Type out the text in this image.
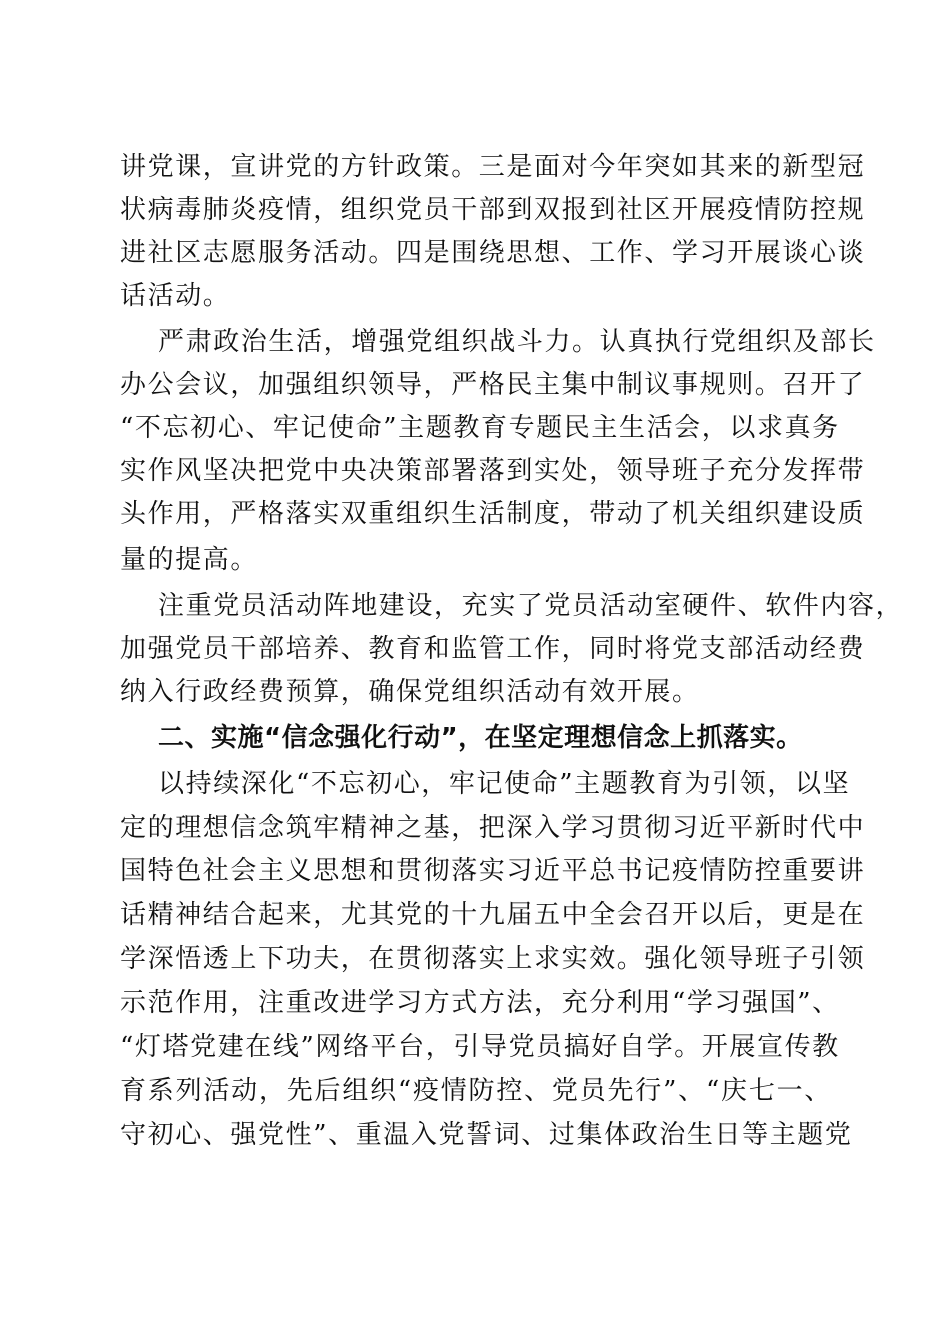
讲党课，宣讲党的方针政策。三是面对今年突如其来的新型冠
状病毒肺炎疫情，组织党员干部到双报到社区开展疫情防控规
进社区志愿服务活动。四是围绕思想、工作、学习开展谈心谈
话活动。
严肃政治生活，增强党组织战斗力。认真执行党组织及部长
办公会议，加强组织领导，严格民主集中制议事规则。召开了
“不忘初心、牢记使命”主题教育专题民主生活会，以求真务
实作风坚决把党中央决策部署落到实处，领导班子充分发挥带
头作用，严格落实双重组织生活制度，带动了机关组织建设质
量的提高。
注重党员活动阵地建设，充实了党员活动室硬件、软件内容，
加强党员干部培养、教育和监管工作，同时将党支部活动经费
纳入行政经费预算，确保党组织活动有效开展。
二、实施“信念强化行动”，在坚定理想信念上抓落实。
以持续深化“不忘初心，牢记使命”主题教育为引领，以坚
定的理想信念筑牢精神之基，把深入学习贯彻习近平新时代中
国特色社会主义思想和贯彻落实习近平总书记疫情防控重要讲
话精神结合起来，尤其党的十九届五中全会召开以后，更是在
学深悟透上下功夫，在贯彻落实上求实效。强化领导班子引领
示范作用，注重改进学习方式方法，充分利用“学习强国”、
“灯塔党建在线”网络平台，引导党员搞好自学。开展宣传教
育系列活动，先后组织“疫情防控、党员先行”、“庆七一、
守初心、强党性”、重温入党誓词、过集体政治生日等主题党
